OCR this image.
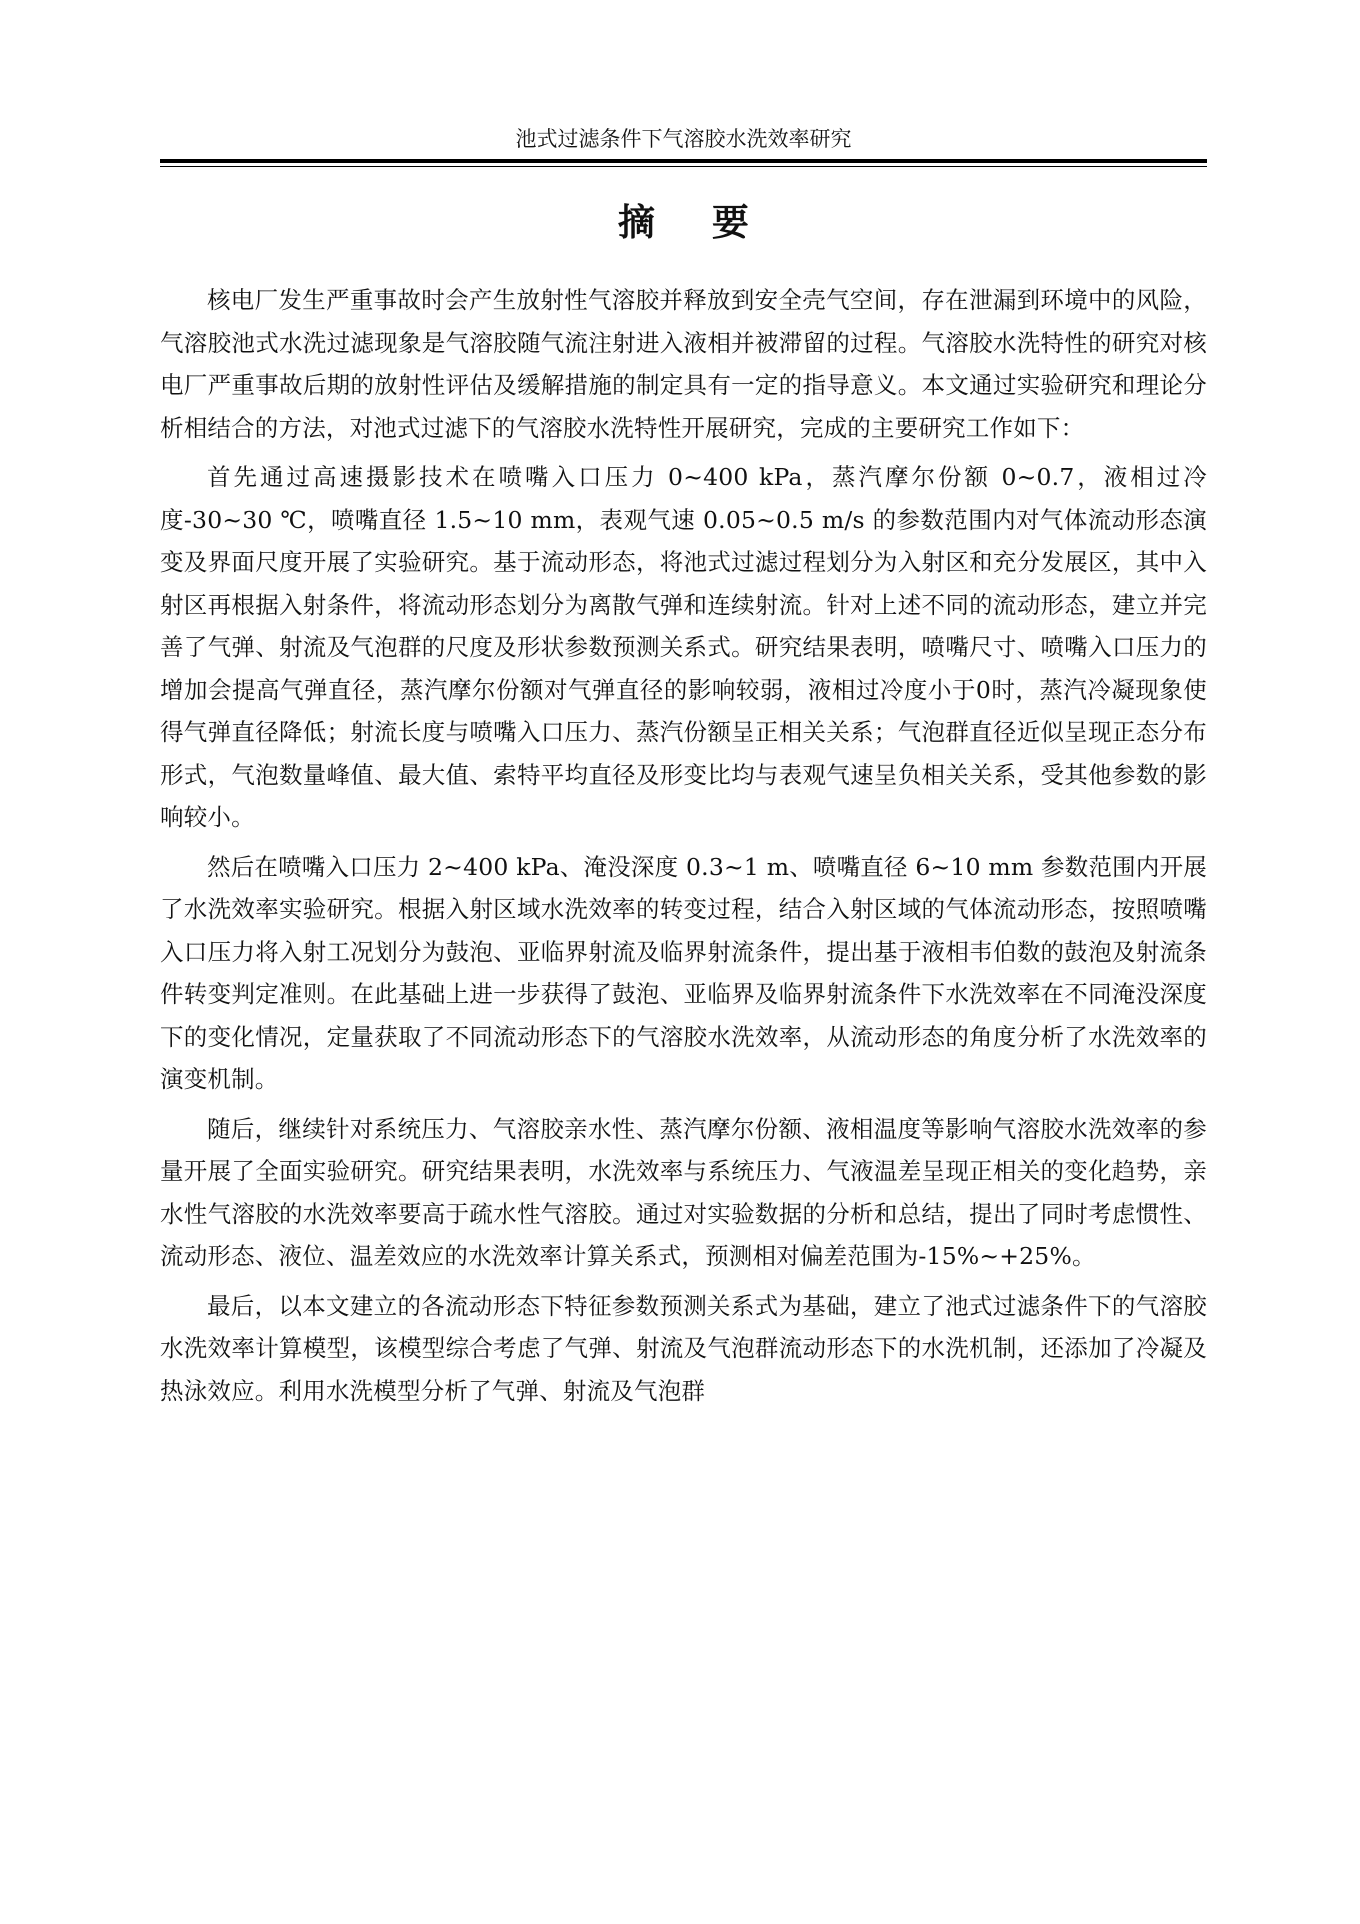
池式过滤条件下气溶胶水洗效率研究
摘 要

核电厂发生严重事故时会产生放射性气溶胶并释放到安全壳气空间，存在泄漏到环境中的风险，气溶胶池式水洗过滤现象是气溶胶随气流注射进入液相并被滞留的过程。气溶胶水洗特性的研究对核电厂严重事故后期的放射性评估及缓解措施的制定具有一定的指导意义。本文通过实验研究和理论分析相结合的方法，对池式过滤下的气溶胶水洗特性开展研究，完成的主要研究工作如下：

首先通过高速摄影技术在喷嘴入口压力 0~400 kPa，蒸汽摩尔份额 0~0.7，液相过冷度-30~30 ℃，喷嘴直径 1.5~10 mm，表观气速 0.05~0.5 m/s 的参数范围内对气体流动形态演变及界面尺度开展了实验研究。基于流动形态，将池式过滤过程划分为入射区和充分发展区，其中入射区再根据入射条件，将流动形态划分为离散气弹和连续射流。针对上述不同的流动形态，建立并完善了气弹、射流及气泡群的尺度及形状参数预测关系式。研究结果表明，喷嘴尺寸、喷嘴入口压力的增加会提高气弹直径，蒸汽摩尔份额对气弹直径的影响较弱，液相过冷度小于0时，蒸汽冷凝现象使得气弹直径降低；射流长度与喷嘴入口压力、蒸汽份额呈正相关关系；气泡群直径近似呈现正态分布形式，气泡数量峰值、最大值、索特平均直径及形变比均与表观气速呈负相关关系，受其他参数的影响较小。

然后在喷嘴入口压力 2~400 kPa、淹没深度 0.3~1 m、喷嘴直径 6~10 mm 参数范围内开展了水洗效率实验研究。根据入射区域水洗效率的转变过程，结合入射区域的气体流动形态，按照喷嘴入口压力将入射工况划分为鼓泡、亚临界射流及临界射流条件，提出基于液相韦伯数的鼓泡及射流条件转变判定准则。在此基础上进一步获得了鼓泡、亚临界及临界射流条件下水洗效率在不同淹没深度下的变化情况，定量获取了不同流动形态下的气溶胶水洗效率，从流动形态的角度分析了水洗效率的演变机制。

随后，继续针对系统压力、气溶胶亲水性、蒸汽摩尔份额、液相温度等影响气溶胶水洗效率的参量开展了全面实验研究。研究结果表明，水洗效率与系统压力、气液温差呈现正相关的变化趋势，亲水性气溶胶的水洗效率要高于疏水性气溶胶。通过对实验数据的分析和总结，提出了同时考虑惯性、流动形态、液位、温差效应的水洗效率计算关系式，预测相对偏差范围为-15%~+25%。

最后，以本文建立的各流动形态下特征参数预测关系式为基础，建立了池式过滤条件下的气溶胶水洗效率计算模型，该模型综合考虑了气弹、射流及气泡群流动形态下的水洗机制，还添加了冷凝及热泳效应。利用水洗模型分析了气弹、射流及气泡群
